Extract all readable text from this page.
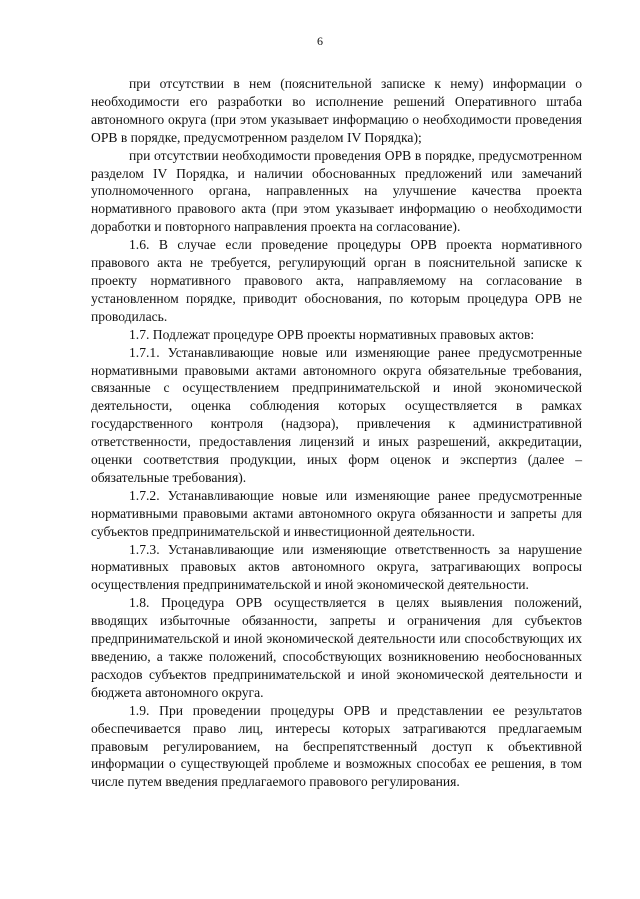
6

при отсутствии в нем (пояснительной записке к нему) информации о необходимости его разработки во исполнение решений Оперативного штаба автономного округа (при этом указывает информацию о необходимости проведения ОРВ в порядке, предусмотренном разделом IV Порядка);

при отсутствии необходимости проведения ОРВ в порядке, предусмотренном разделом IV Порядка, и наличии обоснованных предложений или замечаний уполномоченного органа, направленных на улучшение качества проекта нормативного правового акта (при этом указывает информацию о необходимости доработки и повторного направления проекта на согласование).

1.6. В случае если проведение процедуры ОРВ проекта нормативного правового акта не требуется, регулирующий орган в пояснительной записке к проекту нормативного правового акта, направляемому на согласование в установленном порядке, приводит обоснования, по которым процедура ОРВ не проводилась.

1.7. Подлежат процедуре ОРВ проекты нормативных правовых актов:

1.7.1. Устанавливающие новые или изменяющие ранее предусмотренные нормативными правовыми актами автономного округа обязательные требования, связанные с осуществлением предпринимательской и иной экономической деятельности, оценка соблюдения которых осуществляется в рамках государственного контроля (надзора), привлечения к административной ответственности, предоставления лицензий и иных разрешений, аккредитации, оценки соответствия продукции, иных форм оценок и экспертиз (далее – обязательные требования).

1.7.2. Устанавливающие новые или изменяющие ранее предусмотренные нормативными правовыми актами автономного округа обязанности и запреты для субъектов предпринимательской и инвестиционной деятельности.

1.7.3. Устанавливающие или изменяющие ответственность за нарушение нормативных правовых актов автономного округа, затрагивающих вопросы осуществления предпринимательской и иной экономической деятельности.

1.8. Процедура ОРВ осуществляется в целях выявления положений, вводящих избыточные обязанности, запреты и ограничения для субъектов предпринимательской и иной экономической деятельности или способствующих их введению, а также положений, способствующих возникновению необоснованных расходов субъектов предпринимательской и иной экономической деятельности и бюджета автономного округа.

1.9. При проведении процедуры ОРВ и представлении ее результатов обеспечивается право лиц, интересы которых затрагиваются предлагаемым правовым регулированием, на беспрепятственный доступ к объективной информации о существующей проблеме и возможных способах ее решения, в том числе путем введения предлагаемого правового регулирования.
